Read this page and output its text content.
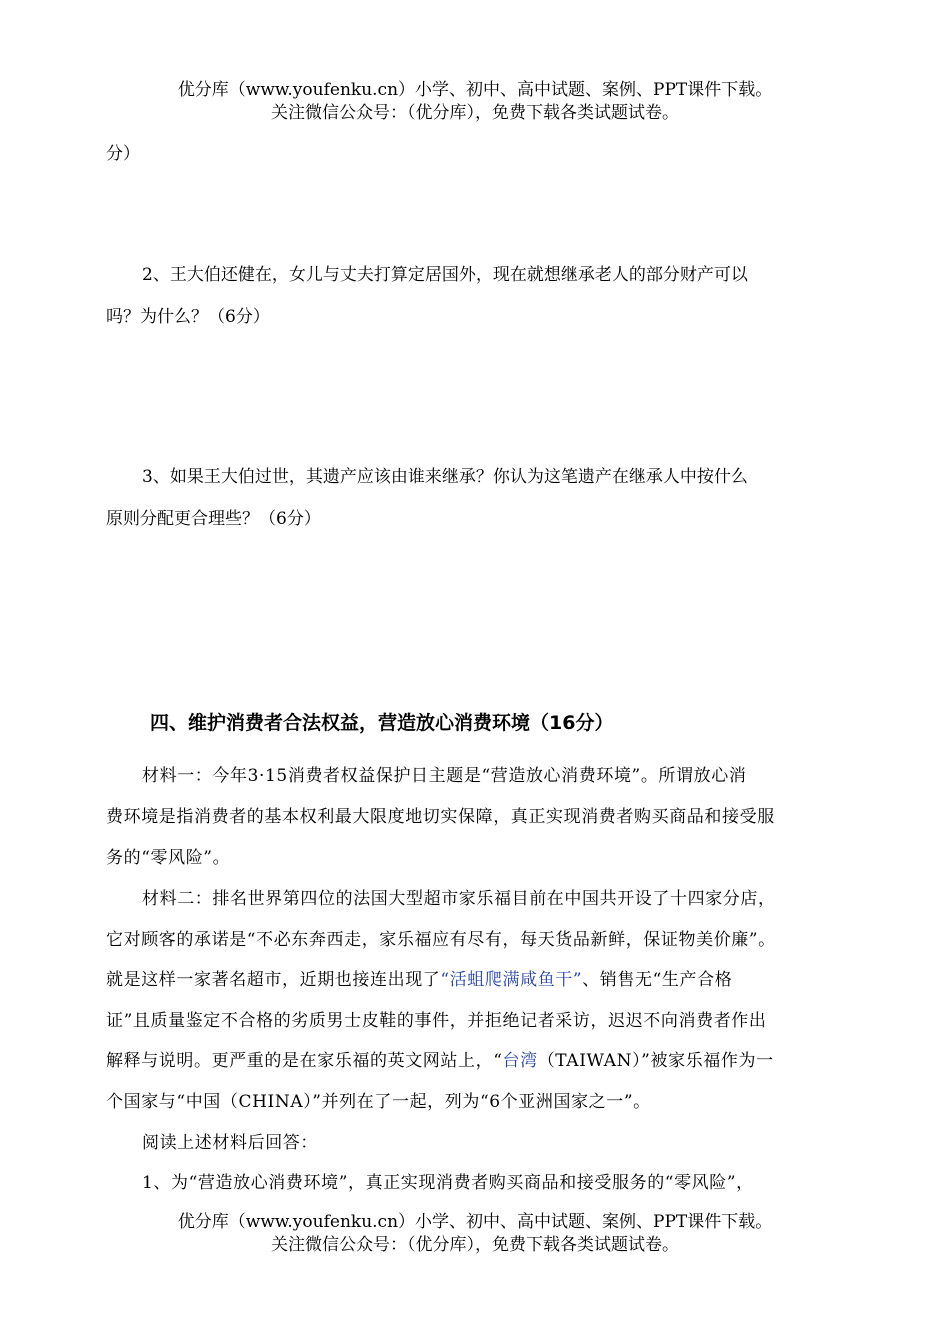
优分库（www.youfenku.cn）小学、初中、高中试题、案例、PPT课件下载。
关注微信公众号：（优分库），免费下载各类试题试卷。
分）
2、王大伯还健在，女儿与丈夫打算定居国外，现在就想继承老人的部分财产可以
吗？为什么？（6分）
3、如果王大伯过世，其遗产应该由谁来继承？你认为这笔遗产在继承人中按什么
原则分配更合理些？（6分）
四、维护消费者合法权益，营造放心消费环境（16分）
材料一：今年3·15消费者权益保护日主题是“营造放心消费环境”。所谓放心消
费环境是指消费者的基本权利最大限度地切实保障，真正实现消费者购买商品和接受服
务的“零风险”。
材料二：排名世界第四位的法国大型超市家乐福目前在中国共开设了十四家分店，
它对顾客的承诺是“不必东奔西走，家乐福应有尽有，每天货品新鲜，保证物美价廉”。
就是这样一家著名超市，近期也接连出现了“活蛆爬满咸鱼干”、销售无“生产合格
证”且质量鉴定不合格的劣质男士皮鞋的事件，并拒绝记者采访，迟迟不向消费者作出
解释与说明。更严重的是在家乐福的英文网站上，“台湾（TAIWAN）”被家乐福作为一
个国家与“中国（CHINA）”并列在了一起，列为“6个亚洲国家之一”。
阅读上述材料后回答：
1、为“营造放心消费环境”，真正实现消费者购买商品和接受服务的“零风险”，
优分库（www.youfenku.cn）小学、初中、高中试题、案例、PPT课件下载。
关注微信公众号：（优分库），免费下载各类试题试卷。
